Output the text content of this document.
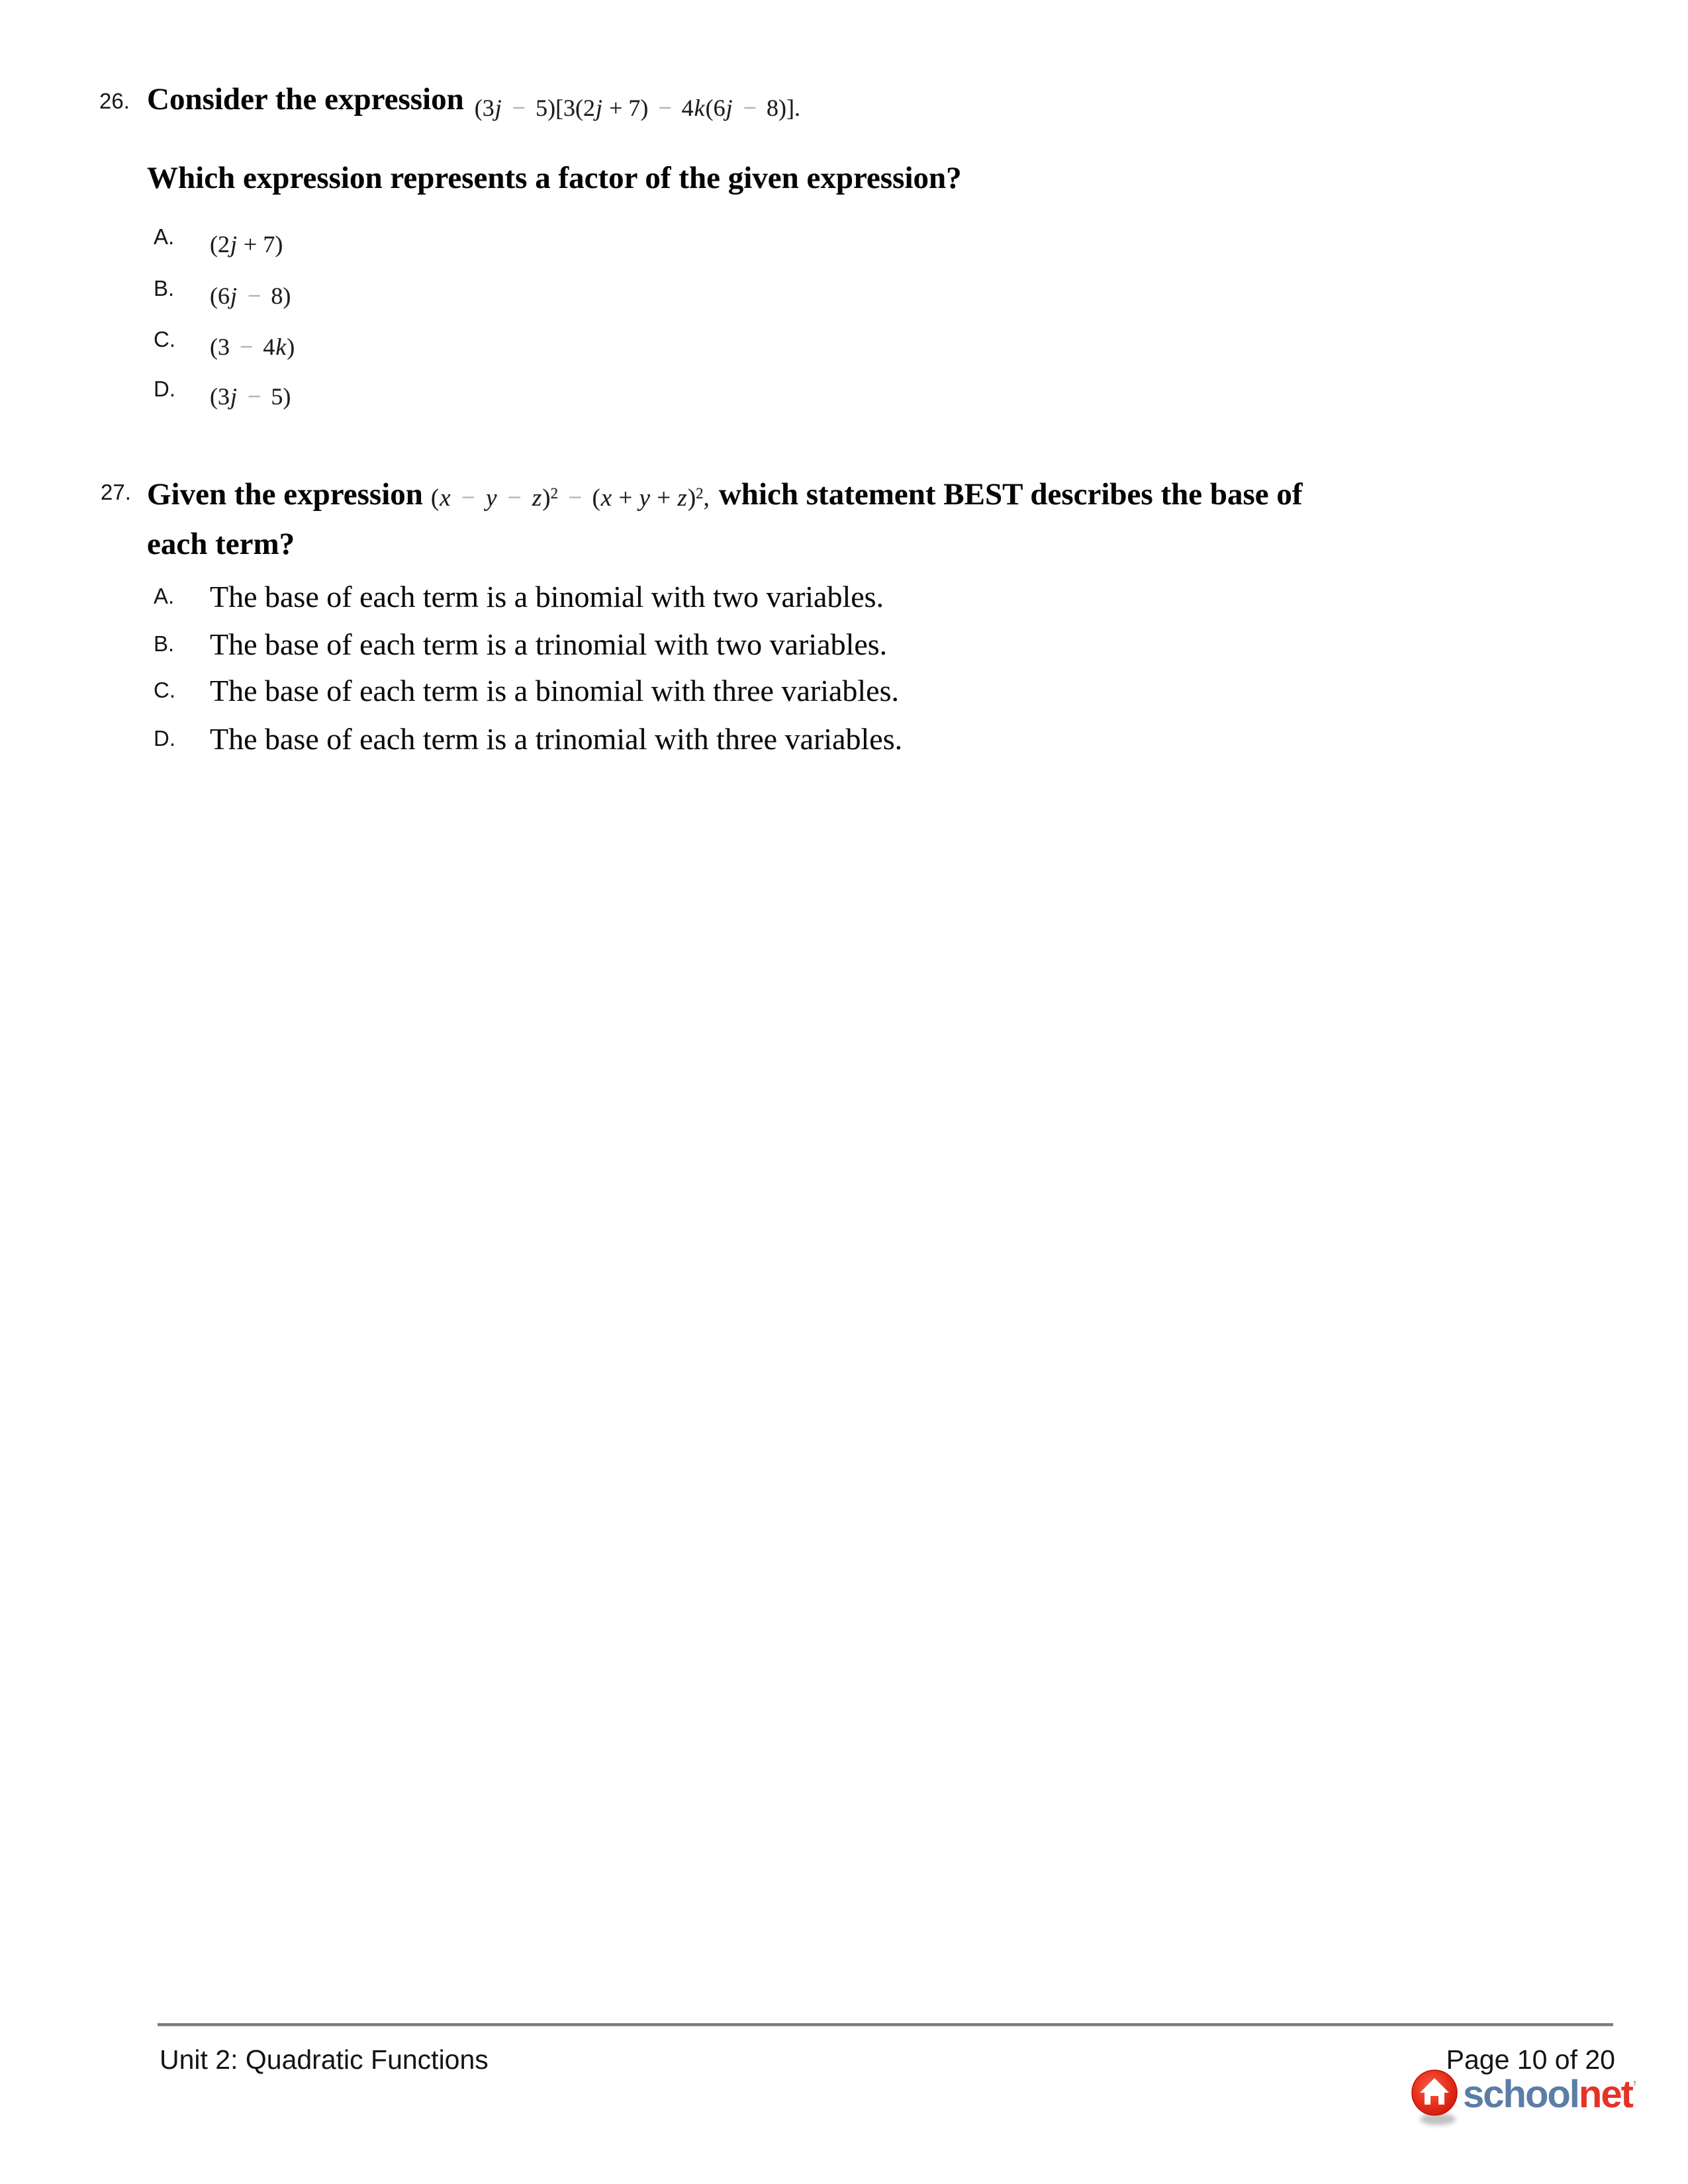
26. Consider the expression (3j − 5)[3(2j + 7) − 4k(6j − 8)].
Which expression represents a factor of the given expression?
A.	(2j + 7)
B.	(6j − 8)
C.	(3 − 4k)
D.	(3j − 5)
27. Given the expression $(x - y - z)^2 - (x + y + z)^2$, which statement BEST describes the base of
each term?
A.	The base of each term is a binomial with two variables.
B.	The base of each term is a trinomial with two variables.
C.	The base of each term is a binomial with three variables.
D.	The base of each term is a trinomial with three variables.
Unit 2: Quadratic Functions	Page 10 of 20
schoolnet’
